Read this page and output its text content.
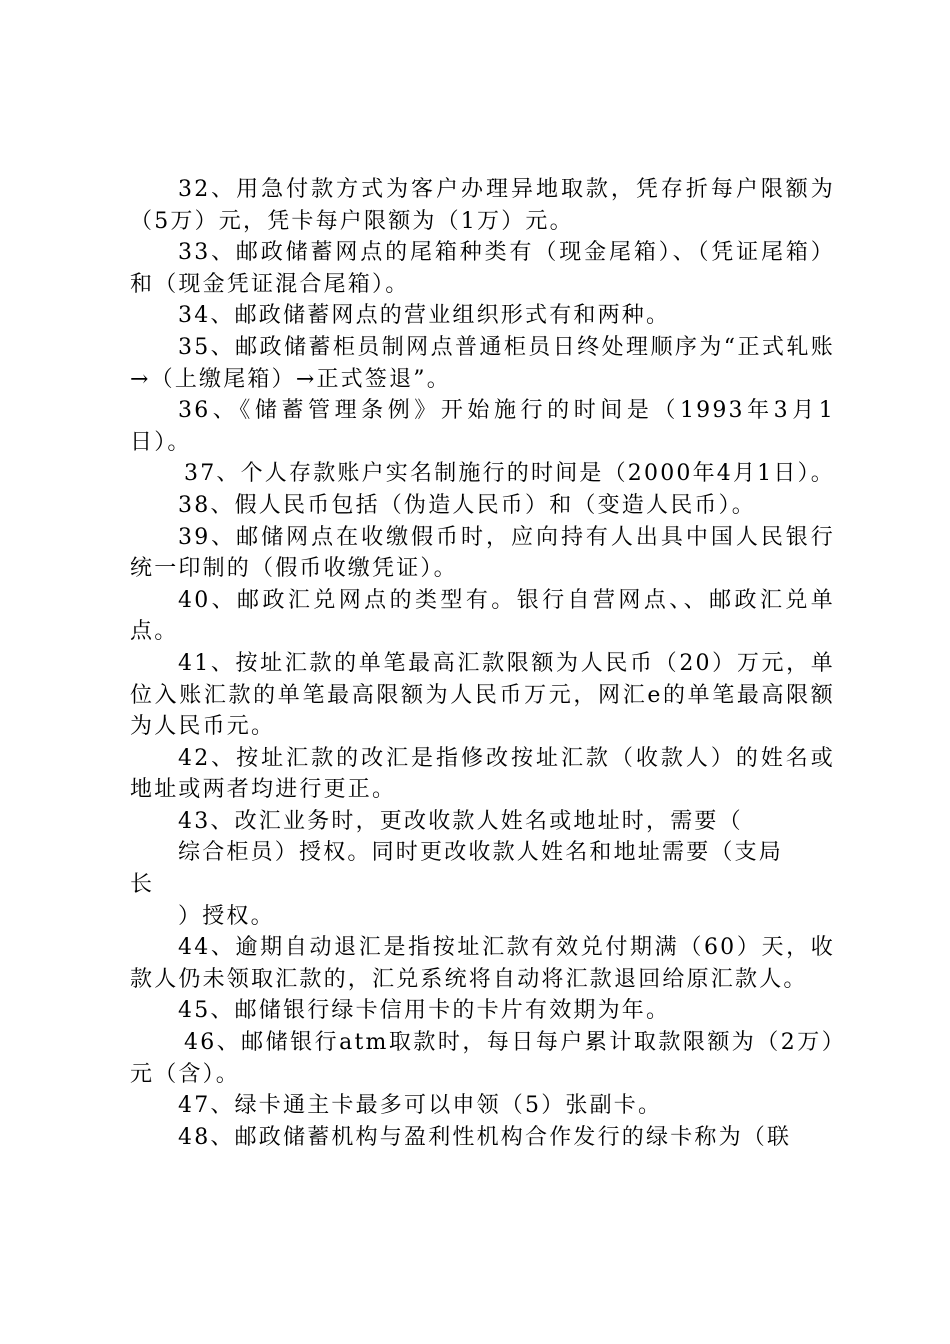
32、用急付款方式为客户办理异地取款，凭存折每户限额为（5万）元，凭卡每户限额为（1万）元。

33、邮政储蓄网点的尾箱种类有（现金尾箱）、（凭证尾箱）和（现金凭证混合尾箱）。

34、邮政储蓄网点的营业组织形式有和两种。

35、邮政储蓄柜员制网点普通柜员日终处理顺序为“正式轧账→（上缴尾箱）→正式签退”。

36、《储蓄管理条例》开始施行的时间是（1993年3月1日）。

37、个人存款账户实名制施行的时间是（2000年4月1日）。

38、假人民币包括（伪造人民币）和（变造人民币）。

39、邮储网点在收缴假币时，应向持有人出具中国人民银行统一印制的（假币收缴凭证）。

40、邮政汇兑网点的类型有。银行自营网点、、邮政汇兑单点。

41、按址汇款的单笔最高汇款限额为人民币（20）万元，单位入账汇款的单笔最高限额为人民币万元，网汇e的单笔最高限额为人民币元。

42、按址汇款的改汇是指修改按址汇款（收款人）的姓名或地址或两者均进行更正。

43、改汇业务时，更改收款人姓名或地址时，需要（

综合柜员）授权。同时更改收款人姓名和地址需要（支局

长

）授权。

44、逾期自动退汇是指按址汇款有效兑付期满（60）天，收款人仍未领取汇款的，汇兑系统将自动将汇款退回给原汇款人。

45、邮储银行绿卡信用卡的卡片有效期为年。

46、邮储银行atm取款时，每日每户累计取款限额为（2万）元（含）。

47、绿卡通主卡最多可以申领（5）张副卡。

48、邮政储蓄机构与盈利性机构合作发行的绿卡称为（联
